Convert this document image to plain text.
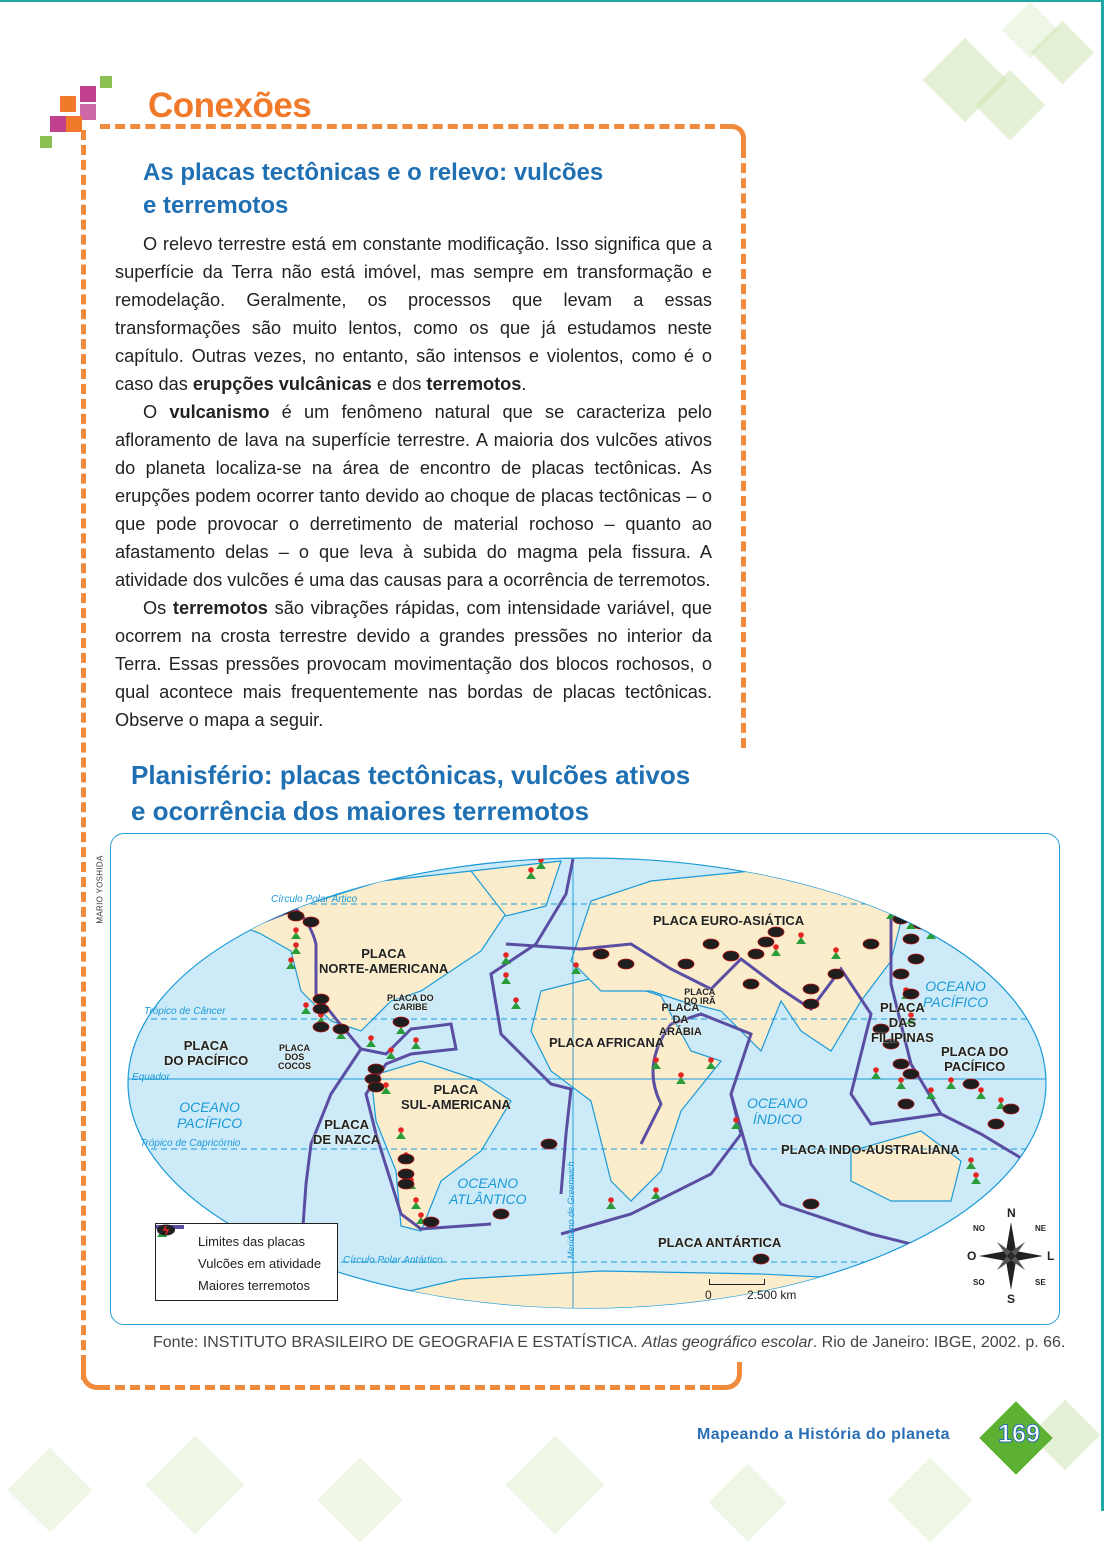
Conexões
As placas tectônicas e o relevo: vulcões e terremotos

O relevo terrestre está em constante modificação. Isso significa que a superfície da Terra não está imóvel, mas sempre em transformação e remodelação. Geralmente, os processos que levam a essas transformações são muito lentos, como os que já estudamos neste capítulo. Outras vezes, no entanto, são intensos e violentos, como é o caso das erupções vulcânicas e dos terremotos.

O vulcanismo é um fenômeno natural que se caracteriza pelo afloramento de lava na superfície terrestre. A maioria dos vulcões ativos do planeta localiza-se na área de encontro de placas tectônicas. As erupções podem ocorrer tanto devido ao choque de placas tectônicas – o que pode provocar o derretimento de material rochoso – quanto ao afastamento delas – o que leva à subida do magma pela fissura. A atividade dos vulcões é uma das causas para a ocorrência de terremotos.

Os terremotos são vibrações rápidas, com intensidade variável, que ocorrem na crosta terrestre devido a grandes pressões no interior da Terra. Essas pressões provocam movimentação dos blocos rochosos, o qual acontece mais frequentemente nas bordas de placas tectônicas. Observe o mapa a seguir.

Planisfério: placas tectônicas, vulcões ativos
e ocorrência dos maiores terremotos
MARIO YOSHIDA	Círculo Polar Ártico
Trópico de Câncer
Equador
Trópico de Capricórnio
Círculo Polar Antártico
Meridiano de Greenwich
PLACA
NORTE-AMERICANA
PLACA DO
CARIBE
PLACA
DO PACÍFICO
PLACA
DOS
COCOS
PLACA
DE NAZCA
PLACA
SUL-AMERICANA
PLACA AFRICANA
PLACA
DA
ARÁBIA
PLACA
DO IRÃ
PLACA EURO-ASIÁTICA
PLACA
DAS
FILIPINAS
PLACA DO
PACÍFICO
PLACA INDO-AUSTRALIANA
PLACA ANTÁRTICA
OCEANO
PACÍFICO
OCEANO
ATLÂNTICO
OCEANO
ÍNDICO
OCEANO
PACÍFICO
Limites das placas
Vulcões em atividade
Maiores terremotos
0	2.500 km
N
S
O	L
NO	NE
SO	SE
Fonte: INSTITUTO BRASILEIRO DE GEOGRAFIA E ESTATÍSTICA. Atlas geográfico escolar. Rio de Janeiro: IBGE, 2002. p. 66.
Mapeando a História do planeta 169
